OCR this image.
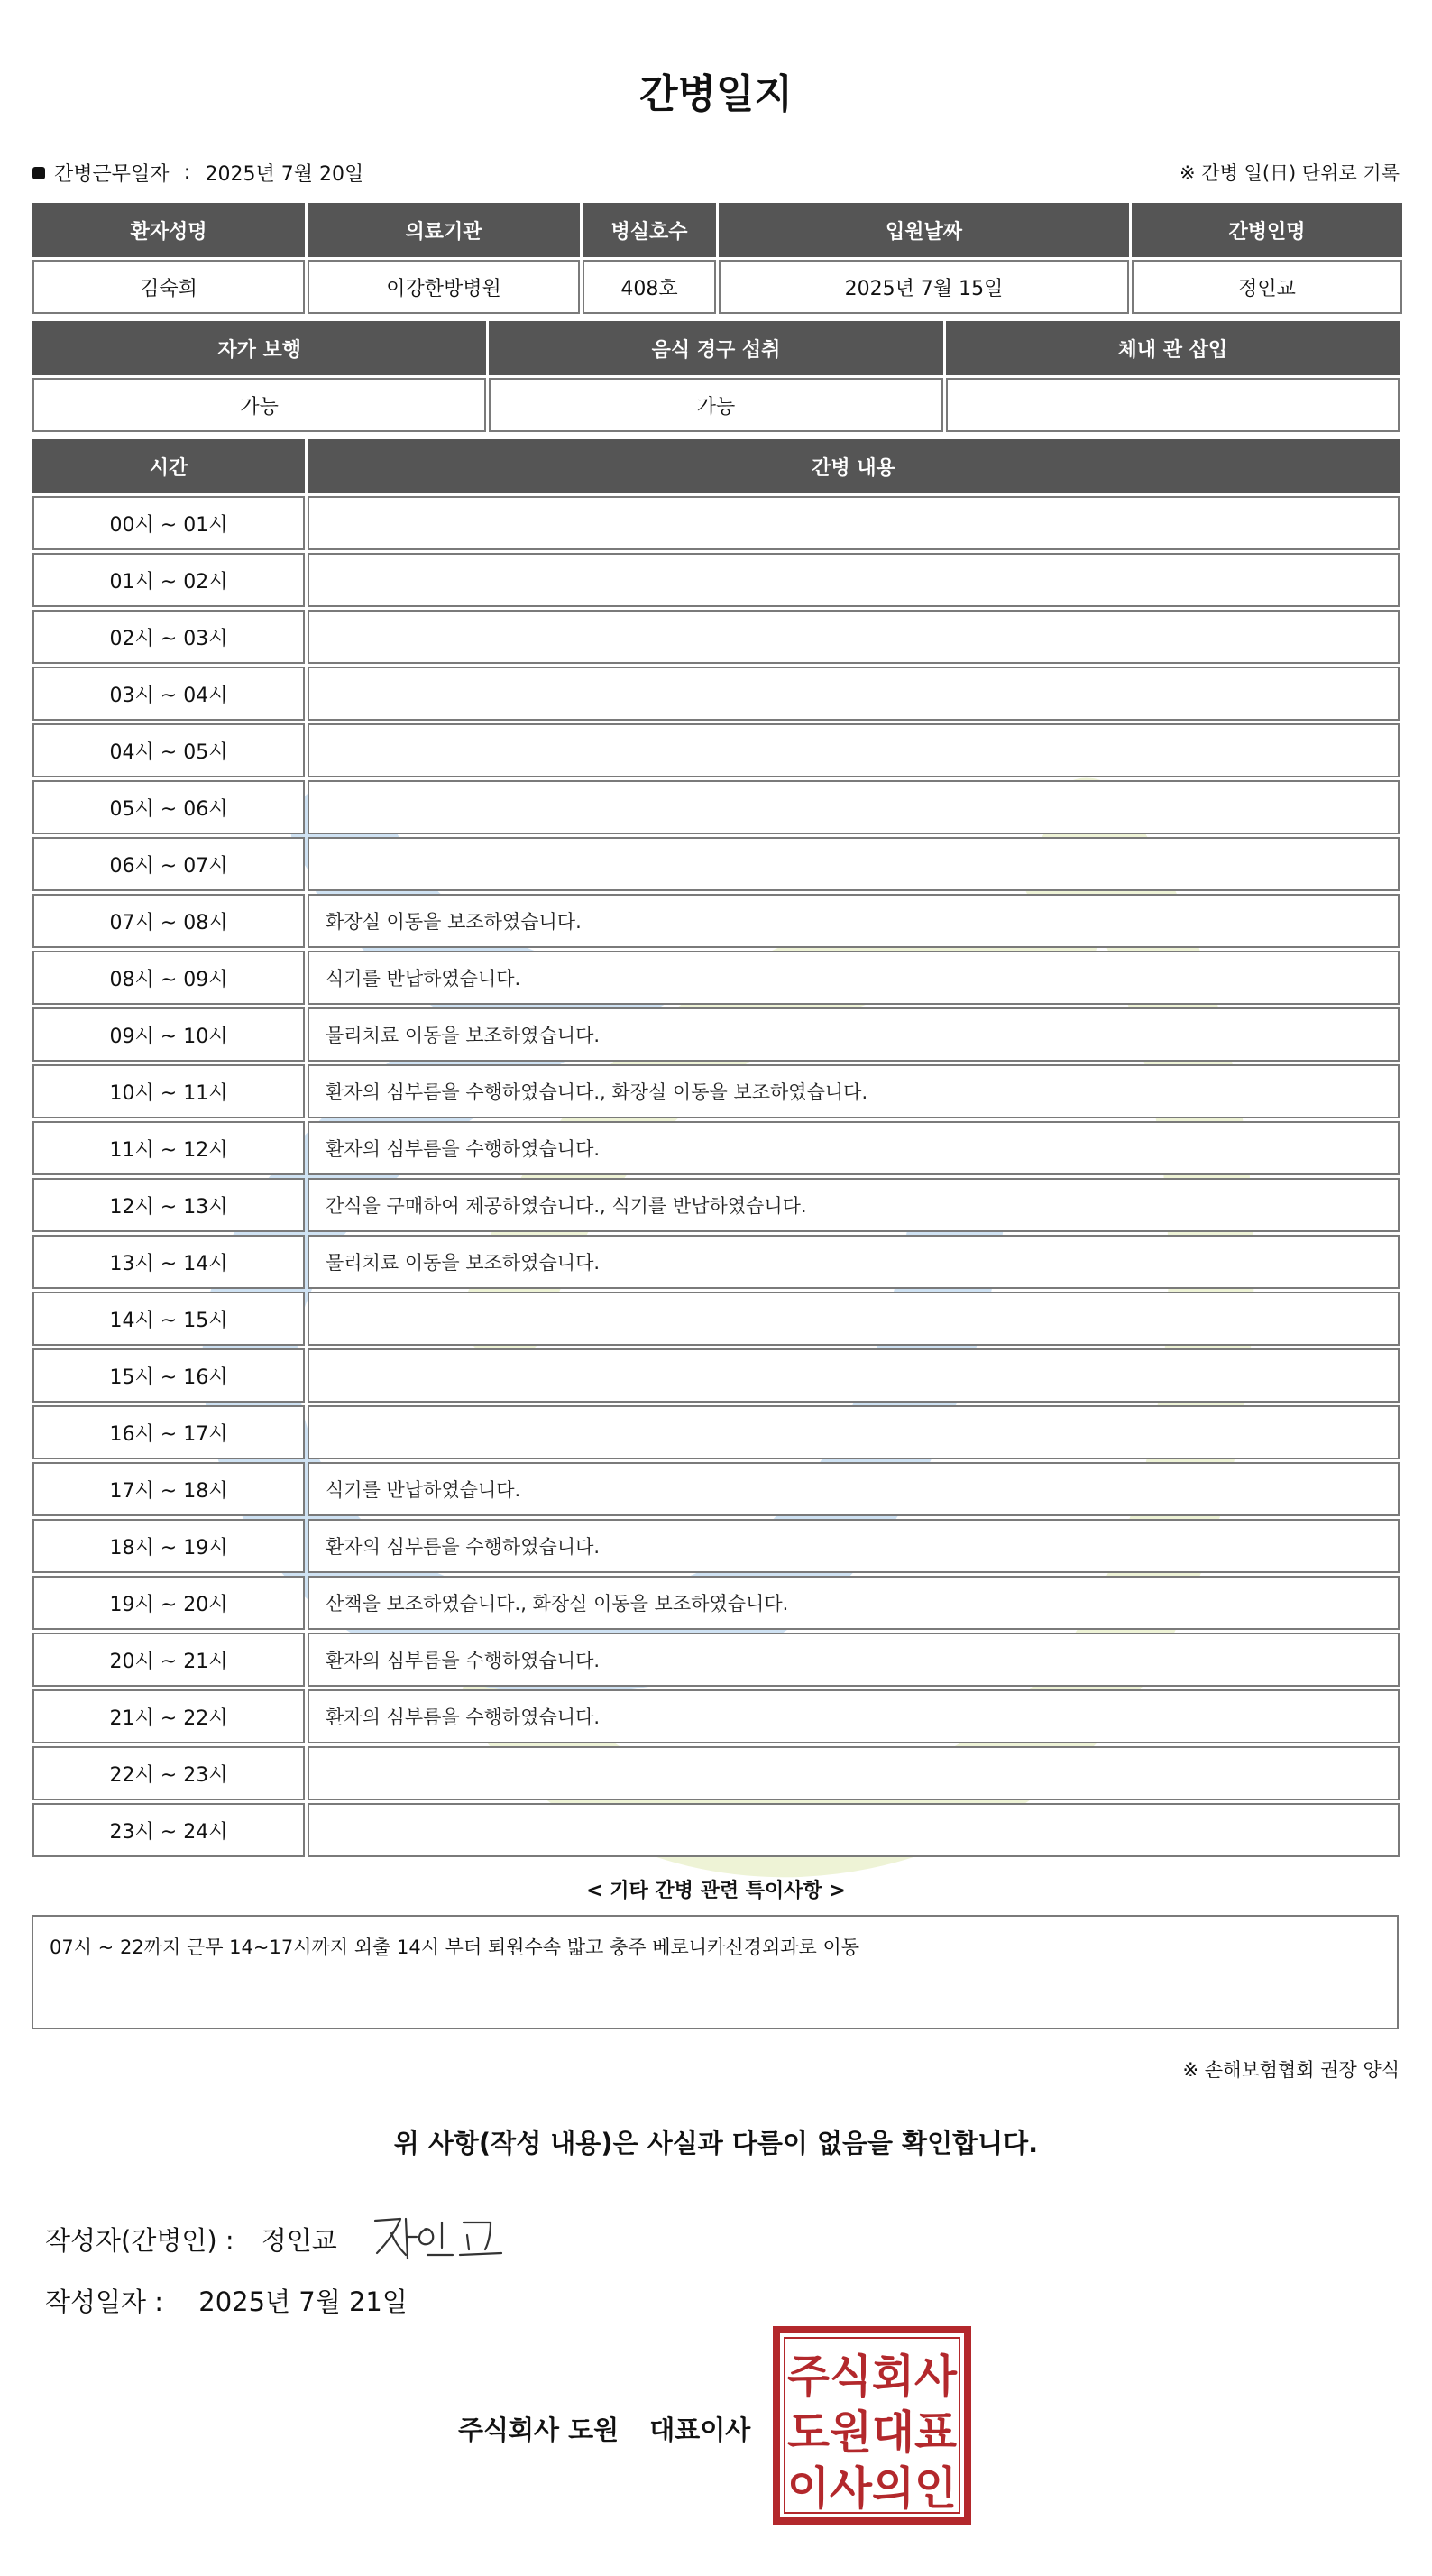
간병일지
간병근무일자 : 2025년 7월 20일	※ 간병 일(日) 단위로 기록
환자성명	의료기관	병실호수	입원날짜	간병인명
김숙희	이강한방병원	408호	2025년 7월 15일	정인교
자가 보행	음식 경구 섭취	체내 관 삽입
가능	가능	
시간	간병 내용
00시 ~ 01시	
01시 ~ 02시	
02시 ~ 03시	
03시 ~ 04시	
04시 ~ 05시	
05시 ~ 06시	
06시 ~ 07시	
07시 ~ 08시	화장실 이동을 보조하였습니다.
08시 ~ 09시	식기를 반납하였습니다.
09시 ~ 10시	물리치료 이동을 보조하였습니다.
10시 ~ 11시	환자의 심부름을 수행하였습니다., 화장실 이동을 보조하였습니다.
11시 ~ 12시	환자의 심부름을 수행하였습니다.
12시 ~ 13시	간식을 구매하여 제공하였습니다., 식기를 반납하였습니다.
13시 ~ 14시	물리치료 이동을 보조하였습니다.
14시 ~ 15시	
15시 ~ 16시	
16시 ~ 17시	
17시 ~ 18시	식기를 반납하였습니다.
18시 ~ 19시	환자의 심부름을 수행하였습니다.
19시 ~ 20시	산책을 보조하였습니다., 화장실 이동을 보조하였습니다.
20시 ~ 21시	환자의 심부름을 수행하였습니다.
21시 ~ 22시	환자의 심부름을 수행하였습니다.
22시 ~ 23시	
23시 ~ 24시	
< 기타 간병 관련 특이사항 >
07시 ~ 22까지 근무 14~17시까지 외출 14시 부터 퇴원수속 밟고 충주 베로니카신경외과로 이동
※ 손해보험협회 권장 양식
위 사항(작성 내용)은 사실과 다름이 없음을 확인합니다.
작성자(간병인) : 정인교
작성일자 : 2025년 7월 21일
주식회사 도원 대표이사
주식회사
도원대표
이사의인
